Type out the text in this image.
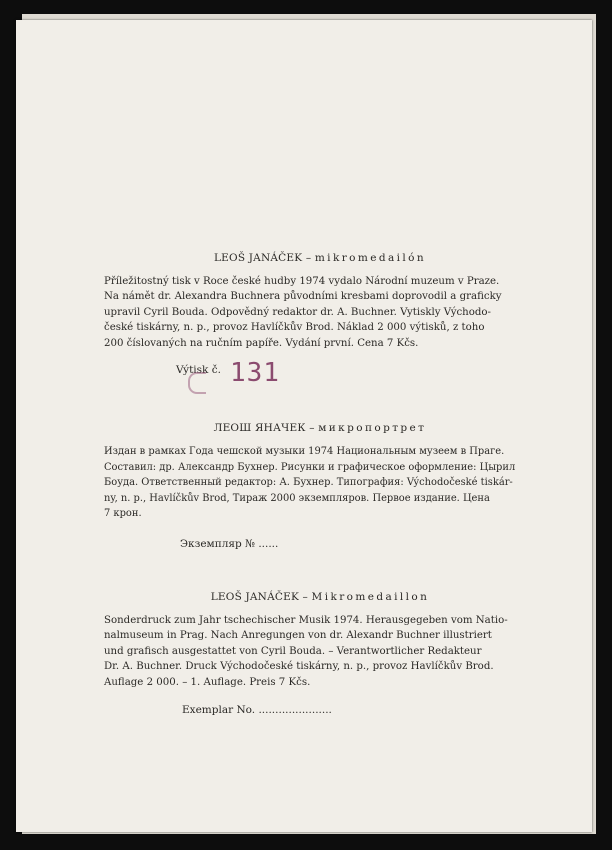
LEOŠ JANÁČEK – mikromedailón

Příležitostný tisk v Roce české hudby 1974 vydalo Národní muzeum v Praze.
Na námět dr. Alexandra Buchnera původními kresbami doprovodil a graficky
upravil Cyril Bouda. Odpovědný redaktor dr. A. Buchner. Vytiskly Východo-
české tiskárny, n. p., provoz Havlíčkův Brod. Náklad 2 000 výtisků, z toho
200 číslovaných na ručním papíře. Vydání první. Cena 7 Kčs.

Výtisk č. 131
ЛЕОШ ЯНАЧЕК – микропортрет

Издан в рамках Года чешской музыки 1974 Национальным музеем в Праге.
Составил: др. Александр Бухнер. Рисунки и графическое оформление: Цырил
Боуда. Ответственный редактор: А. Бухнер. Типография: Východočeské tiskár-
ny, n. p., Havlíčkův Brod, Тираж 2000 экземпляров. Первое издание. Цена
7 крон.

Экземпляр № ......
LEOŠ JANÁČEK – Mikromedaillon

Sonderdruck zum Jahr tschechischer Musik 1974. Herausgegeben vom Natio-
nalmuseum in Prag. Nach Anregungen von dr. Alexandr Buchner illustriert
und grafisch ausgestattet von Cyril Bouda. – Verantwortlicher Redakteur
Dr. A. Buchner. Druck Východočeské tiskárny, n. p., provoz Havlíčkův Brod.
Auflage 2 000. – 1. Auflage. Preis 7 Kčs.

Exemplar No. ......................
